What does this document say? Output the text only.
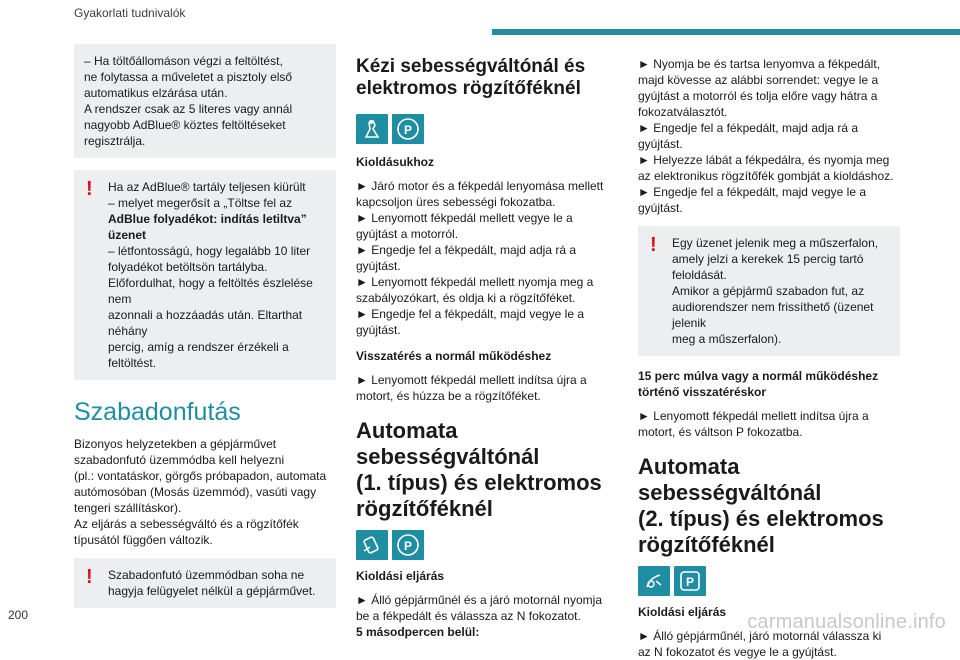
Gyakorlati tudnivalók

– Ha töltőállomáson végzi a feltöltést,

ne folytassa a műveletet a pisztoly első

automatikus elzárása után.

A rendszer csak az 5 literes vagy annál

nagyobb AdBlue® köztes feltöltéseket

regisztrálja.

! Ha az AdBlue® tartály teljesen kiürült

– melyet megerősít a „Töltse fel az

AdBlue folyadékot: indítás letiltva” üzenet

– létfontosságú, hogy legalább 10 liter

folyadékot betöltsön tartályba.

Előfordulhat, hogy a feltöltés észlelése nem

azonnali a hozzáadás után. Eltarthat néhány

percig, amíg a rendszer érzékeli a feltöltést.

Szabadonfutás

Bizonyos helyzetekben a gépjárművet

szabadonfutó üzemmódba kell helyezni

(pl.: vontatáskor, görgős próbapadon, automata

autómosóban (Mosás üzemmód), vasúti vagy

tengeri szállításkor).

Az eljárás a sebességváltó és a rögzítőfék

típusától függően változik.

! Szabadonfutó üzemmódban soha ne

hagyja felügyelet nélkül a gépjárművet.

Kézi sebességváltónál és
elektromos rögzítőféknél
P

Kioldásukhoz

► Járó motor és a fékpedál lenyomása mellett

kapcsoljon üres sebességi fokozatba.

► Lenyomott fékpedál mellett vegye le a

gyújtást a motorról.

► Engedje fel a fékpedált, majd adja rá a

gyújtást.

► Lenyomott fékpedál mellett nyomja meg a

szabályozókart, és oldja ki a rögzítőféket.

► Engedje fel a fékpedált, majd vegye le a

gyújtást.

Visszatérés a normál működéshez

► Lenyomott fékpedál mellett indítsa újra a

motort, és húzza be a rögzítőféket.

Automata sebességváltónál
(1. típus) és elektromos
rögzítőféknél
P

Kioldási eljárás

► Álló gépjárműnél és a járó motornál nyomja

be a fékpedált és válassza az N fokozatot.

5 másodpercen belül:

► Nyomja be és tartsa lenyomva a fékpedált,

majd kövesse az alábbi sorrendet: vegye le a

gyújtást a motorról és tolja előre vagy hátra a

fokozatválasztót.

► Engedje fel a fékpedált, majd adja rá a

gyújtást.

► Helyezze lábát a fékpedálra, és nyomja meg

az elektronikus rögzítőfék gombját a kioldáshoz.

► Engedje fel a fékpedált, majd vegye le a

gyújtást.

! Egy üzenet jelenik meg a műszerfalon,

amely jelzi a kerekek 15 percig tartó

feloldását.

Amikor a gépjármű szabadon fut, az

audiorendszer nem frissíthető (üzenet jelenik

meg a műszerfalon).

15 perc múlva vagy a normál működéshez
történő visszatéréskor

► Lenyomott fékpedál mellett indítsa újra a

motort, és váltson P fokozatba.

Automata sebességváltónál
(2. típus) és elektromos
rögzítőféknél
P

Kioldási eljárás

► Álló gépjárműnél, járó motornál válassza ki

az N fokozatot és vegye le a gyújtást.

200	carmanualsonline.info
